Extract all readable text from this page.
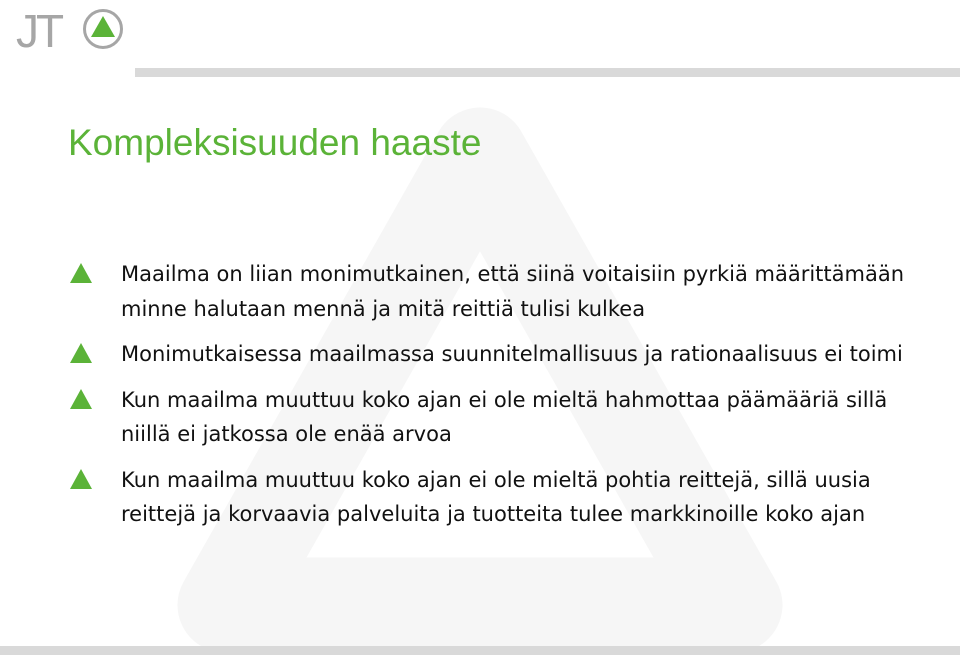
JT
Kompleksisuuden haaste
Maailma on liian monimutkainen, että siinä voitaisiin pyrkiä määrittämään minne halutaan mennä ja mitä reittiä tulisi kulkea
Monimutkaisessa maailmassa suunnitelmallisuus ja rationaalisuus ei toimi
Kun maailma muuttuu koko ajan ei ole mieltä hahmottaa päämääriä sillä niillä ei jatkossa ole enää arvoa
Kun maailma muuttuu koko ajan ei ole mieltä pohtia reittejä, sillä uusia reittejä ja korvaavia palveluita ja tuotteita tulee markkinoille koko ajan
